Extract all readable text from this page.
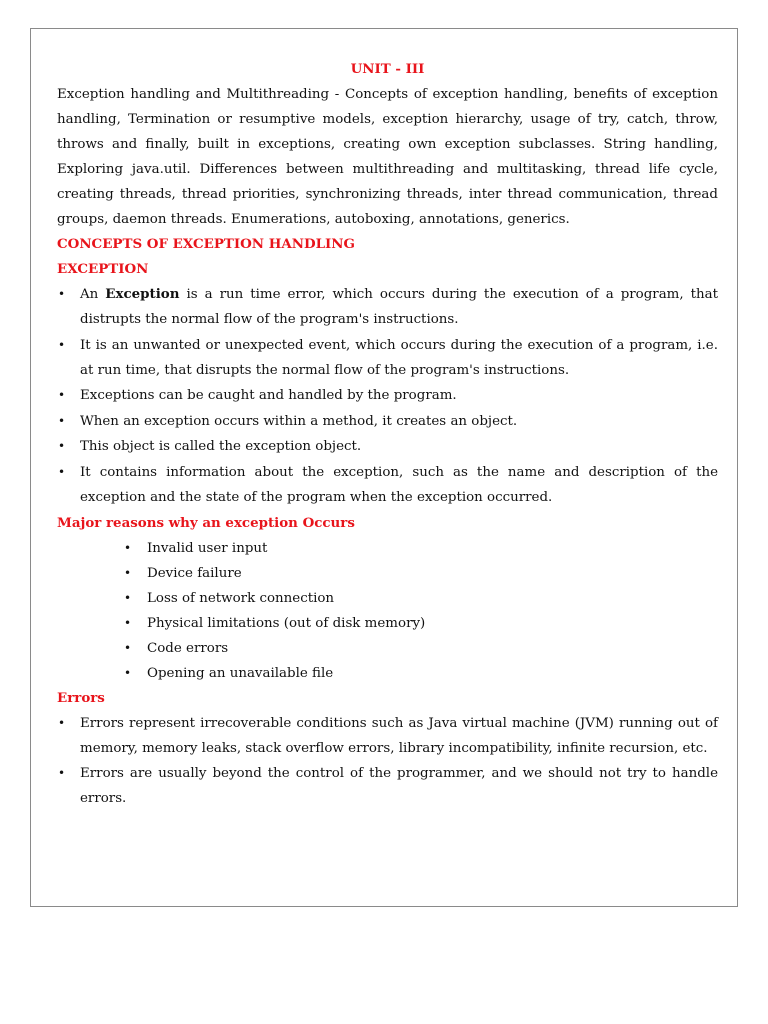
UNIT - III

Exception handling and Multithreading - Concepts of exception handling, benefits of exception handling, Termination or resumptive models, exception hierarchy, usage of try, catch, throw, throws and finally, built in exceptions, creating own exception subclasses. String handling, Exploring java.util. Differences between multithreading and multitasking, thread life cycle, creating threads, thread priorities, synchronizing threads, inter thread communication, thread groups, daemon threads. Enumerations, autoboxing, annotations, generics.

CONCEPTS OF EXCEPTION HANDLING
EXCEPTION
• An Exception is a run time error, which occurs during the execution of a program, that distrupts the normal flow of the program's instructions.
• It is an unwanted or unexpected event, which occurs during the execution of a program, i.e. at run time, that disrupts the normal flow of the program's instructions.
• Exceptions can be caught and handled by the program.
• When an exception occurs within a method, it creates an object.
• This object is called the exception object.
• It contains information about the exception, such as the name and description of the exception and the state of the program when the exception occurred.
Major reasons why an exception Occurs
• Invalid user input
• Device failure
• Loss of network connection
• Physical limitations (out of disk memory)
• Code errors
• Opening an unavailable file
Errors
• Errors represent irrecoverable conditions such as Java virtual machine (JVM) running out of memory, memory leaks, stack overflow errors, library incompatibility, infinite recursion, etc.
• Errors are usually beyond the control of the programmer, and we should not try to handle errors.
